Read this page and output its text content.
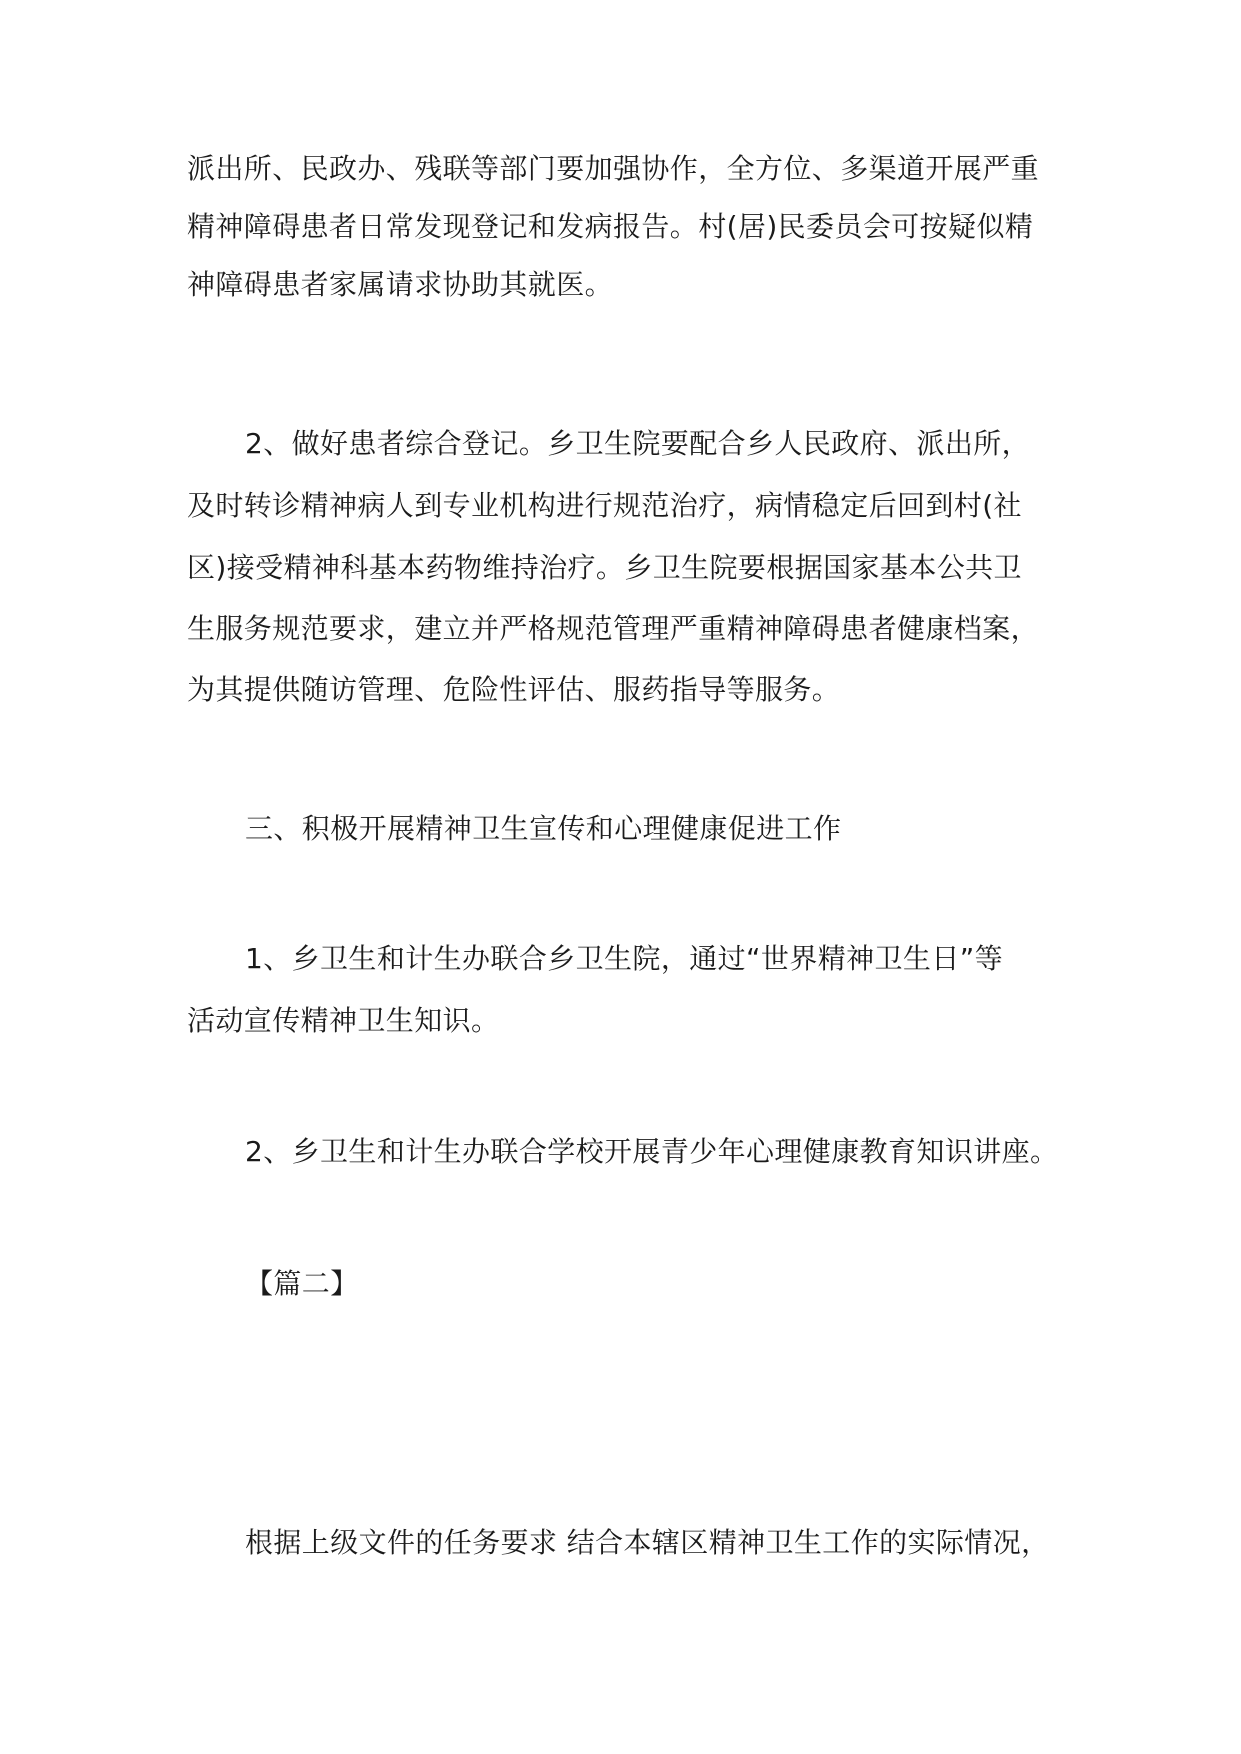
派出所、民政办、残联等部门要加强协作，全方位、多渠道开展严重

精神障碍患者日常发现登记和发病报告。村(居)民委员会可按疑似精

神障碍患者家属请求协助其就医。

2、做好患者综合登记。乡卫生院要配合乡人民政府、派出所，

及时转诊精神病人到专业机构进行规范治疗，病情稳定后回到村(社

区)接受精神科基本药物维持治疗。乡卫生院要根据国家基本公共卫

生服务规范要求，建立并严格规范管理严重精神障碍患者健康档案，

为其提供随访管理、危险性评估、服药指导等服务。

三、积极开展精神卫生宣传和心理健康促进工作

1、乡卫生和计生办联合乡卫生院，通过“世界精神卫生日”等

活动宣传精神卫生知识。

2、乡卫生和计生办联合学校开展青少年心理健康教育知识讲座。

【篇二】

根据上级文件的任务要求 结合本辖区精神卫生工作的实际情况，
